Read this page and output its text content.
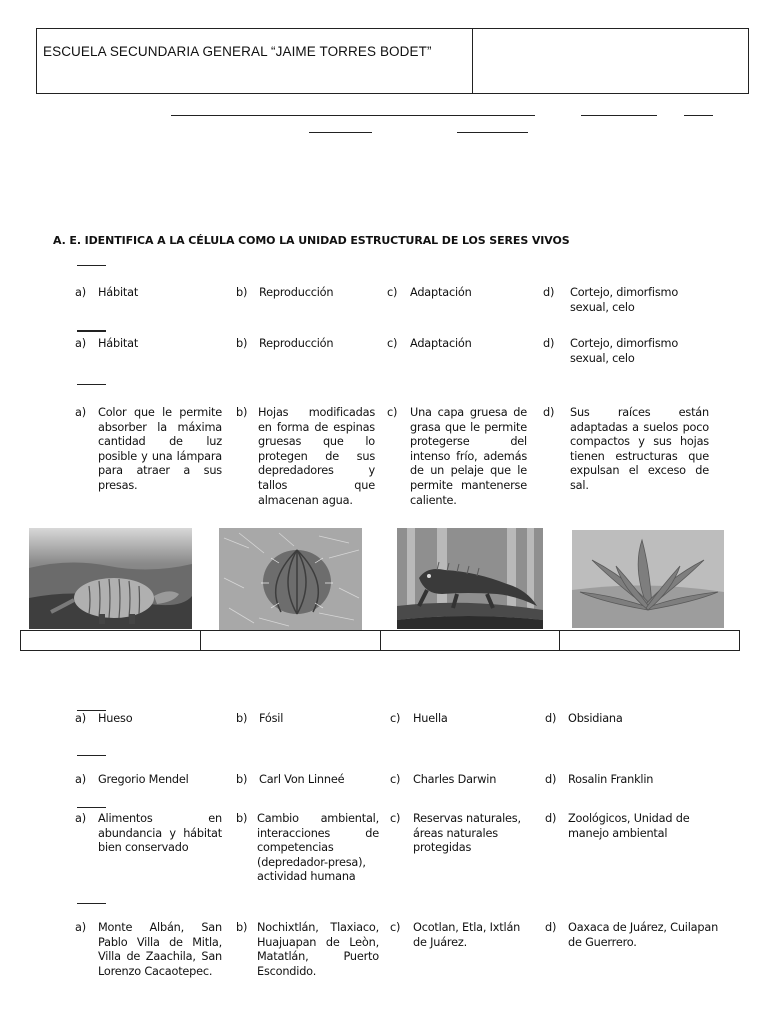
ESCUELA SECUNDARIA GENERAL “JAIME TORRES BODET”
A. E. IDENTIFICA A LA CÉLULA COMO LA UNIDAD ESTRUCTURAL DE LOS SERES VIVOS
a) Hábitat	b) Reproducción	c) Adaptación	d) Cortejo, dimorfismo sexual, celo
a) Hábitat	b) Reproducción	c) Adaptación	d) Cortejo, dimorfismo sexual, celo
a) Color que le permite absorber la máxima cantidad de luz posible y una lámpara para atraer a sus presas.
b) Hojas modificadas en forma de espinas gruesas que lo protegen de sus depredadores y tallos que almacenan agua.
c) Una capa gruesa de grasa que le permite protegerse del intenso frío, además de un pelaje que le permite mantenerse caliente.
d) Sus raíces están adaptadas a suelos poco compactos y sus hojas tienen estructuras que expulsan el exceso de sal.
a) Hueso	b) Fósil	c) Huella	d) Obsidiana
a) Gregorio Mendel	b) Carl Von Linneé	c) Charles Darwin	d) Rosalin Franklin
a) Alimentos en abundancia y hábitat bien conservado
b) Cambio ambiental, interacciones de competencias (depredador-presa), actividad humana
c) Reservas naturales, áreas naturales protegidas
d) Zoológicos, Unidad de manejo ambiental
a) Monte Albán, San Pablo Villa de Mitla, Villa de Zaachila, San Lorenzo Cacaotepec.
b) Nochixtlán, Tlaxiaco, Huajuapan de Leòn, Matatlán, Puerto Escondido.
c) Ocotlan, Etla, Ixtlán de Juárez.
d) Oaxaca de Juárez, Cuilapan de Guerrero.
